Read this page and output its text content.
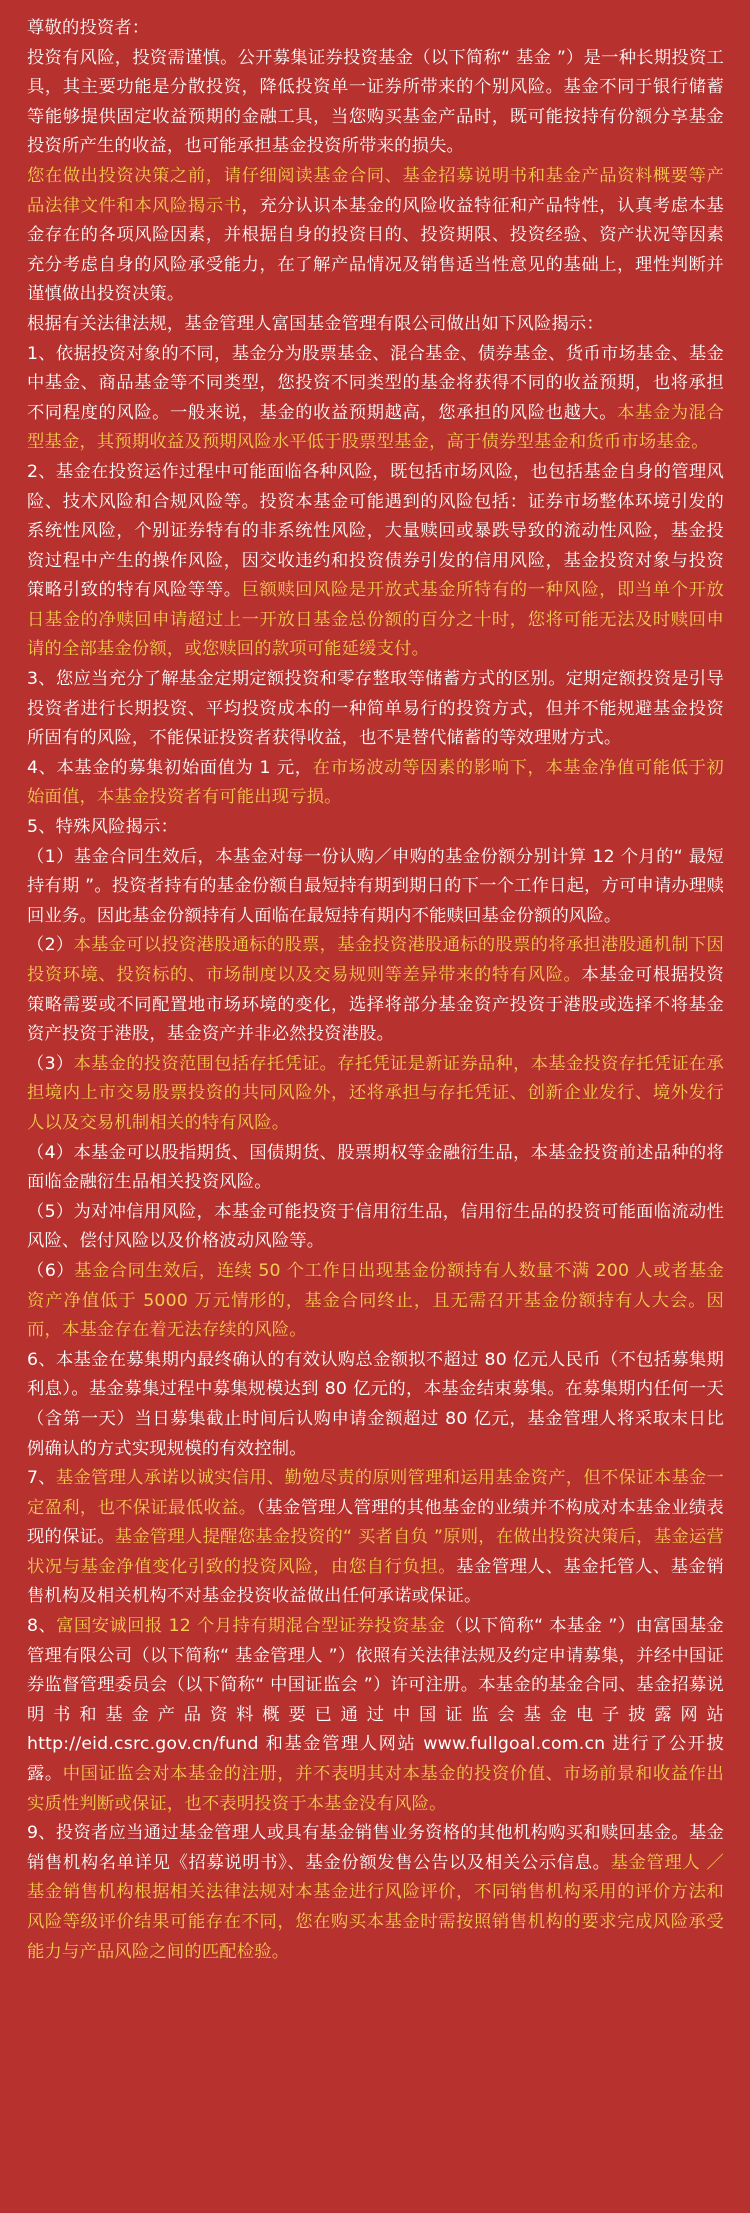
尊敬的投资者：

投资有风险，投资需谨慎。公开募集证券投资基金（以下简称“ 基金 ”）是一种长期投资工具，其主要功能是分散投资，降低投资单一证券所带来的个别风险。基金不同于银行储蓄等能够提供固定收益预期的金融工具，当您购买基金产品时，既可能按持有份额分享基金投资所产生的收益，也可能承担基金投资所带来的损失。

您在做出投资决策之前，请仔细阅读基金合同、基金招募说明书和基金产品资料概要等产品法律文件和本风险揭示书，充分认识本基金的风险收益特征和产品特性，认真考虑本基金存在的各项风险因素，并根据自身的投资目的、投资期限、投资经验、资产状况等因素充分考虑自身的风险承受能力，在了解产品情况及销售适当性意见的基础上，理性判断并谨慎做出投资决策。

根据有关法律法规，基金管理人富国基金管理有限公司做出如下风险揭示：

1、依据投资对象的不同，基金分为股票基金、混合基金、债券基金、货币市场基金、基金中基金、商品基金等不同类型，您投资不同类型的基金将获得不同的收益预期，也将承担不同程度的风险。一般来说，基金的收益预期越高，您承担的风险也越大。本基金为混合型基金，其预期收益及预期风险水平低于股票型基金，高于债券型基金和货币市场基金。

2、基金在投资运作过程中可能面临各种风险，既包括市场风险，也包括基金自身的管理风险、技术风险和合规风险等。投资本基金可能遇到的风险包括：证券市场整体环境引发的系统性风险，个别证券特有的非系统性风险，大量赎回或暴跌导致的流动性风险，基金投资过程中产生的操作风险，因交收违约和投资债券引发的信用风险，基金投资对象与投资策略引致的特有风险等等。巨额赎回风险是开放式基金所特有的一种风险，即当单个开放日基金的净赎回申请超过上一开放日基金总份额的百分之十时，您将可能无法及时赎回申请的全部基金份额，或您赎回的款项可能延缓支付。

3、您应当充分了解基金定期定额投资和零存整取等储蓄方式的区别。定期定额投资是引导投资者进行长期投资、平均投资成本的一种简单易行的投资方式，但并不能规避基金投资所固有的风险，不能保证投资者获得收益，也不是替代储蓄的等效理财方式。

4、本基金的募集初始面值为 1 元，在市场波动等因素的影响下，本基金净值可能低于初始面值，本基金投资者有可能出现亏损。

5、特殊风险揭示：

（1）基金合同生效后，本基金对每一份认购／申购的基金份额分别计算 12 个月的“ 最短持有期 ”。投资者持有的基金份额自最短持有期到期日的下一个工作日起，方可申请办理赎回业务。因此基金份额持有人面临在最短持有期内不能赎回基金份额的风险。

（2）本基金可以投资港股通标的股票，基金投资港股通标的股票的将承担港股通机制下因投资环境、投资标的、市场制度以及交易规则等差异带来的特有风险。本基金可根据投资策略需要或不同配置地市场环境的变化，选择将部分基金资产投资于港股或选择不将基金资产投资于港股，基金资产并非必然投资港股。

（3）本基金的投资范围包括存托凭证。存托凭证是新证券品种，本基金投资存托凭证在承担境内上市交易股票投资的共同风险外，还将承担与存托凭证、创新企业发行、境外发行人以及交易机制相关的特有风险。

（4）本基金可以股指期货、国债期货、股票期权等金融衍生品，本基金投资前述品种的将面临金融衍生品相关投资风险。

（5）为对冲信用风险，本基金可能投资于信用衍生品，信用衍生品的投资可能面临流动性风险、偿付风险以及价格波动风险等。

（6）基金合同生效后，连续 50 个工作日出现基金份额持有人数量不满 200 人或者基金资产净值低于 5000 万元情形的，基金合同终止，且无需召开基金份额持有人大会。因而，本基金存在着无法存续的风险。

6、本基金在募集期内最终确认的有效认购总金额拟不超过 80 亿元人民币（不包括募集期利息）。基金募集过程中募集规模达到 80 亿元的，本基金结束募集。在募集期内任何一天（含第一天）当日募集截止时间后认购申请金额超过 80 亿元，基金管理人将采取末日比例确认的方式实现规模的有效控制。

7、基金管理人承诺以诚实信用、勤勉尽责的原则管理和运用基金资产，但不保证本基金一定盈利，也不保证最低收益。（基金管理人管理的其他基金的业绩并不构成对本基金业绩表现的保证。基金管理人提醒您基金投资的“ 买者自负 ”原则，在做出投资决策后，基金运营状况与基金净值变化引致的投资风险，由您自行负担。基金管理人、基金托管人、基金销售机构及相关机构不对基金投资收益做出任何承诺或保证。

8、富国安诚回报 12 个月持有期混合型证券投资基金（以下简称“ 本基金 ”）由富国基金管理有限公司（以下简称“ 基金管理人 ”）依照有关法律法规及约定申请募集，并经中国证券监督管理委员会（以下简称“ 中国证监会 ”）许可注册。本基金的基金合同、基金招募说明书和基金产品资料概要已通过中国证监会基金电子披露网站 http://eid.csrc.gov.cn/fund 和基金管理人网站 www.fullgoal.com.cn 进行了公开披露。中国证监会对本基金的注册，并不表明其对本基金的投资价值、市场前景和收益作出实质性判断或保证，也不表明投资于本基金没有风险。

9、投资者应当通过基金管理人或具有基金销售业务资格的其他机构购买和赎回基金。基金销售机构名单详见《招募说明书》、基金份额发售公告以及相关公示信息。基金管理人 ／ 基金销售机构根据相关法律法规对本基金进行风险评价，不同销售机构采用的评价方法和风险等级评价结果可能存在不同，您在购买本基金时需按照销售机构的要求完成风险承受能力与产品风险之间的匹配检验。
